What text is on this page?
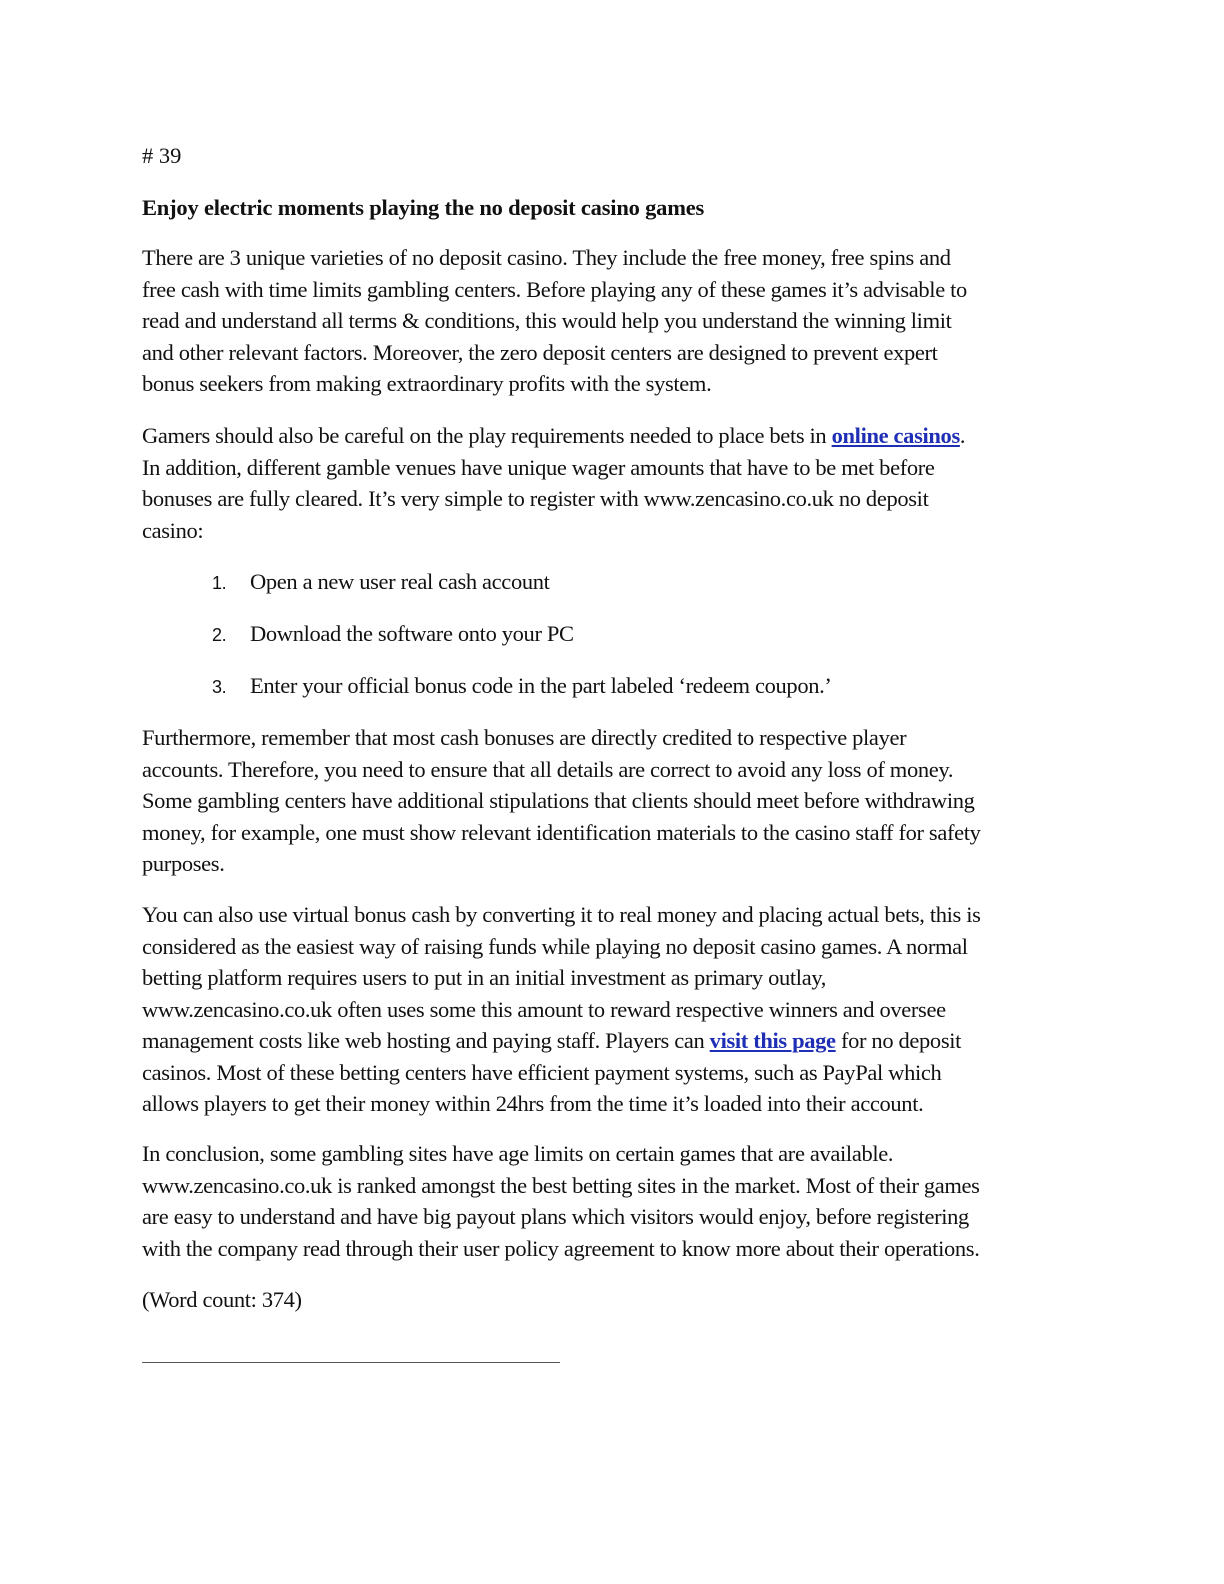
# 39
Enjoy electric moments playing the no deposit casino games
There are 3 unique varieties of no deposit casino. They include the free money, free spins and
free cash with time limits gambling centers. Before playing any of these games it’s advisable to
read and understand all terms & conditions, this would help you understand the winning limit
and other relevant factors. Moreover, the zero deposit centers are designed to prevent expert
bonus seekers from making extraordinary profits with the system.
Gamers should also be careful on the play requirements needed to place bets in online casinos.
In addition, different gamble venues have unique wager amounts that have to be met before
bonuses are fully cleared. It’s very simple to register with www.zencasino.co.uk no deposit
casino:
1. Open a new user real cash account
2. Download the software onto your PC
3. Enter your official bonus code in the part labeled ‘redeem coupon.’
Furthermore, remember that most cash bonuses are directly credited to respective player
accounts. Therefore, you need to ensure that all details are correct to avoid any loss of money.
Some gambling centers have additional stipulations that clients should meet before withdrawing
money, for example, one must show relevant identification materials to the casino staff for safety
purposes.
You can also use virtual bonus cash by converting it to real money and placing actual bets, this is
considered as the easiest way of raising funds while playing no deposit casino games. A normal
betting platform requires users to put in an initial investment as primary outlay,
www.zencasino.co.uk often uses some this amount to reward respective winners and oversee
management costs like web hosting and paying staff. Players can visit this page for no deposit
casinos. Most of these betting centers have efficient payment systems, such as PayPal which
allows players to get their money within 24hrs from the time it’s loaded into their account.
In conclusion, some gambling sites have age limits on certain games that are available.
www.zencasino.co.uk is ranked amongst the best betting sites in the market. Most of their games
are easy to understand and have big payout plans which visitors would enjoy, before registering
with the company read through their user policy agreement to know more about their operations.
(Word count: 374)
